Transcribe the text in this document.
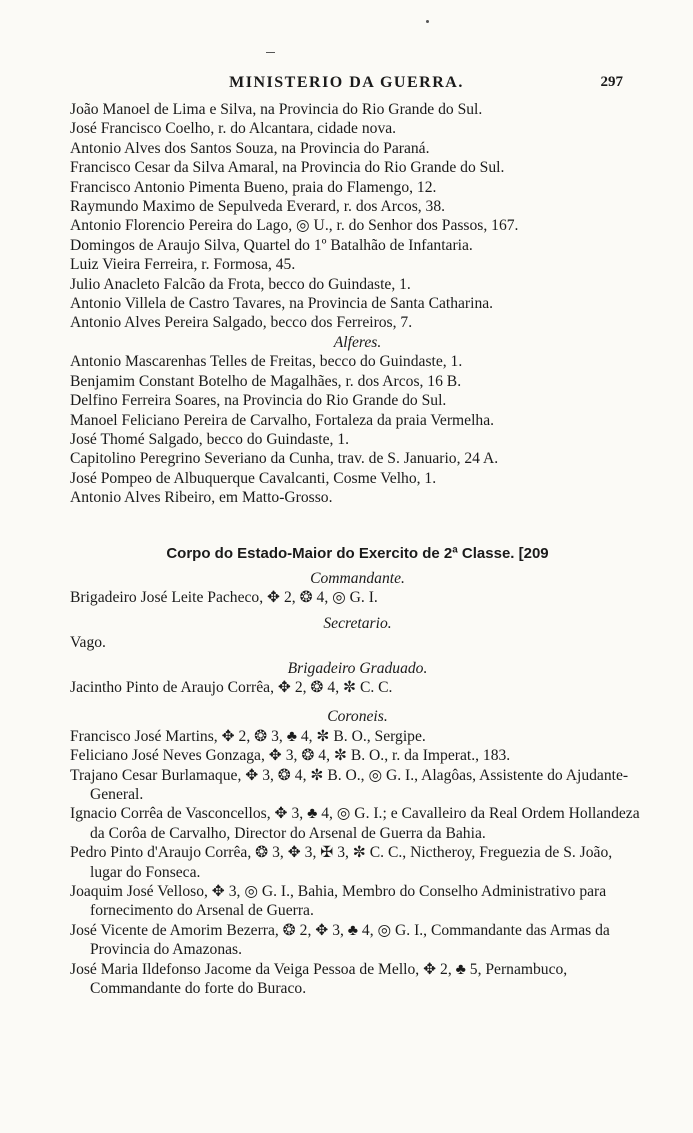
MINISTERIO DA GUERRA.	297
João Manoel de Lima e Silva, na Provincia do Rio Grande do Sul.
José Francisco Coelho, r. do Alcantara, cidade nova.
Antonio Alves dos Santos Souza, na Provincia do Paraná.
Francisco Cesar da Silva Amaral, na Provincia do Rio Grande do Sul.
Francisco Antonio Pimenta Bueno, praia do Flamengo, 12.
Raymundo Maximo de Sepulveda Everard, r. dos Arcos, 38.
Antonio Florencio Pereira do Lago, ◎ U., r. do Senhor dos Passos, 167.
Domingos de Araujo Silva, Quartel do 1º Batalhão de Infantaria.
Luiz Vieira Ferreira, r. Formosa, 45.
Julio Anacleto Falcão da Frota, becco do Guindaste, 1.
Antonio Villela de Castro Tavares, na Provincia de Santa Catharina.
Antonio Alves Pereira Salgado, becco dos Ferreiros, 7.
Alferes.
Antonio Mascarenhas Telles de Freitas, becco do Guindaste, 1.
Benjamim Constant Botelho de Magalhães, r. dos Arcos, 16 B.
Delfino Ferreira Soares, na Provincia do Rio Grande do Sul.
Manoel Feliciano Pereira de Carvalho, Fortaleza da praia Vermelha.
José Thomé Salgado, becco do Guindaste, 1.
Capitolino Peregrino Severiano da Cunha, trav. de S. Januario, 24 A.
José Pompeo de Albuquerque Cavalcanti, Cosme Velho, 1.
Antonio Alves Ribeiro, em Matto-Grosso.
Corpo do Estado-Maior do Exercito de 2ª Classe. [209
Commandante.
Brigadeiro José Leite Pacheco, ✥ 2, ❂ 4, ◎ G. I.
Secretario.
Vago.
Brigadeiro Graduado.
Jacintho Pinto de Araujo Corrêa, ✥ 2, ❂ 4, ✼ C. C.
Coroneis.
Francisco José Martins, ✥ 2, ❂ 3, ♣ 4, ✼ B. O., Sergipe.
Feliciano José Neves Gonzaga, ✥ 3, ❂ 4, ✼ B. O., r. da Imperat., 183.
Trajano Cesar Burlamaque, ✥ 3, ❂ 4, ✼ B. O., ◎ G. I., Alagôas, Assistente do Ajudante-General.
Ignacio Corrêa de Vasconcellos, ✥ 3, ♣ 4, ◎ G. I.; e Cavalleiro da Real Ordem Hollandeza da Corôa de Carvalho, Director do Arsenal de Guerra da Bahia.
Pedro Pinto d'Araujo Corrêa, ❂ 3, ✥ 3, ✠ 3, ✼ C. C., Nictheroy, Freguezia de S. João, lugar do Fonseca.
Joaquim José Velloso, ✥ 3, ◎ G. I., Bahia, Membro do Conselho Administrativo para fornecimento do Arsenal de Guerra.
José Vicente de Amorim Bezerra, ❂ 2, ✥ 3, ♣ 4, ◎ G. I., Commandante das Armas da Provincia do Amazonas.
José Maria Ildefonso Jacome da Veiga Pessoa de Mello, ✥ 2, ♣ 5, Pernambuco, Commandante do forte do Buraco.
